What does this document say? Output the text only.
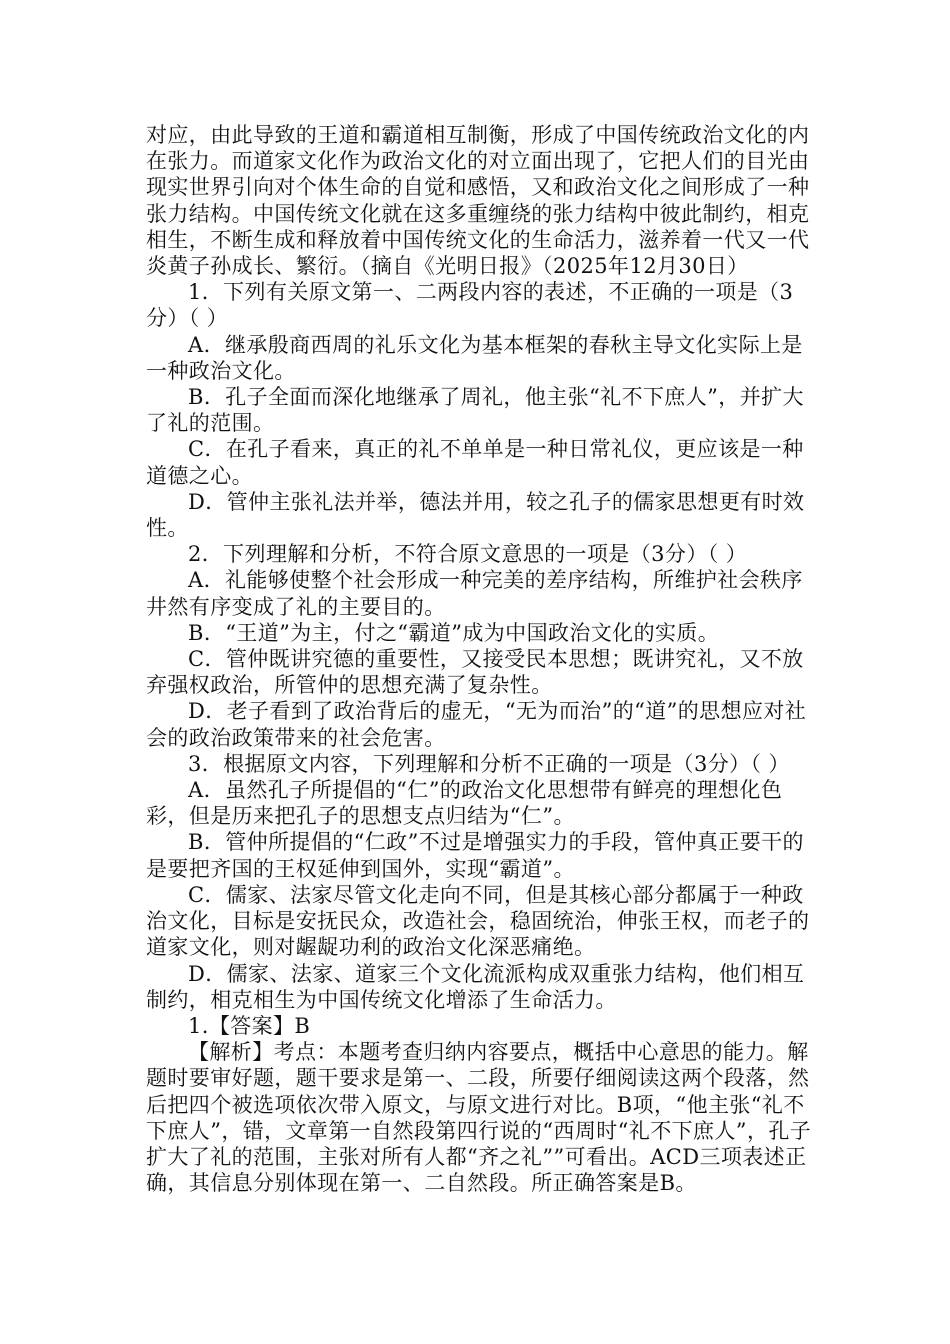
对应，由此导致的王道和霸道相互制衡，形成了中国传统政治文化的内在张力。而道家文化作为政治文化的对立面出现了，它把人们的目光由现实世界引向对个体生命的自觉和感悟，又和政治文化之间形成了一种张力结构。中国传统文化就在这多重缠绕的张力结构中彼此制约，相克相生，不断生成和释放着中国传统文化的生命活力，滋养着一代又一代炎黄子孙成长、繁衍。（摘自《光明日报》（2025年12月30日）

1．下列有关原文第一、二两段内容的表述，不正确的一项是（3分）（ ）

A．继承殷商西周的礼乐文化为基本框架的春秋主导文化实际上是一种政治文化。

B．孔子全面而深化地继承了周礼，他主张“礼不下庶人”，并扩大了礼的范围。

C．在孔子看来，真正的礼不单单是一种日常礼仪，更应该是一种道德之心。

D．管仲主张礼法并举，德法并用，较之孔子的儒家思想更有时效性。

2．下列理解和分析，不符合原文意思的一项是（3分）（ ）

A．礼能够使整个社会形成一种完美的差序结构，所维护社会秩序井然有序变成了礼的主要目的。

B．“王道”为主，付之“霸道”成为中国政治文化的实质。

C．管仲既讲究德的重要性，又接受民本思想；既讲究礼，又不放弃强权政治，所管仲的思想充满了复杂性。

D．老子看到了政治背后的虚无，“无为而治”的“道”的思想应对社会的政治政策带来的社会危害。

3．根据原文内容，下列理解和分析不正确的一项是（3分）（ ）

A．虽然孔子所提倡的“仁”的政治文化思想带有鲜亮的理想化色彩，但是历来把孔子的思想支点归结为“仁”。

B．管仲所提倡的“仁政”不过是增强实力的手段，管仲真正要干的是要把齐国的王权延伸到国外，实现“霸道”。

C．儒家、法家尽管文化走向不同，但是其核心部分都属于一种政治文化，目标是安抚民众，改造社会，稳固统治，伸张王权，而老子的道家文化，则对龌龊功利的政治文化深恶痛绝。

D．儒家、法家、道家三个文化流派构成双重张力结构，他们相互制约，相克相生为中国传统文化增添了生命活力。

1.【答案】B

【解析】考点：本题考查归纳内容要点，概括中心意思的能力。解题时要审好题，题干要求是第一、二段，所要仔细阅读这两个段落，然后把四个被选项依次带入原文，与原文进行对比。B项，“他主张“礼不下庶人”，错，文章第一自然段第四行说的“西周时“礼不下庶人”，孔子扩大了礼的范围，主张对所有人都“齐之礼””可看出。ACD三项表述正确，其信息分别体现在第一、二自然段。所正确答案是B。
